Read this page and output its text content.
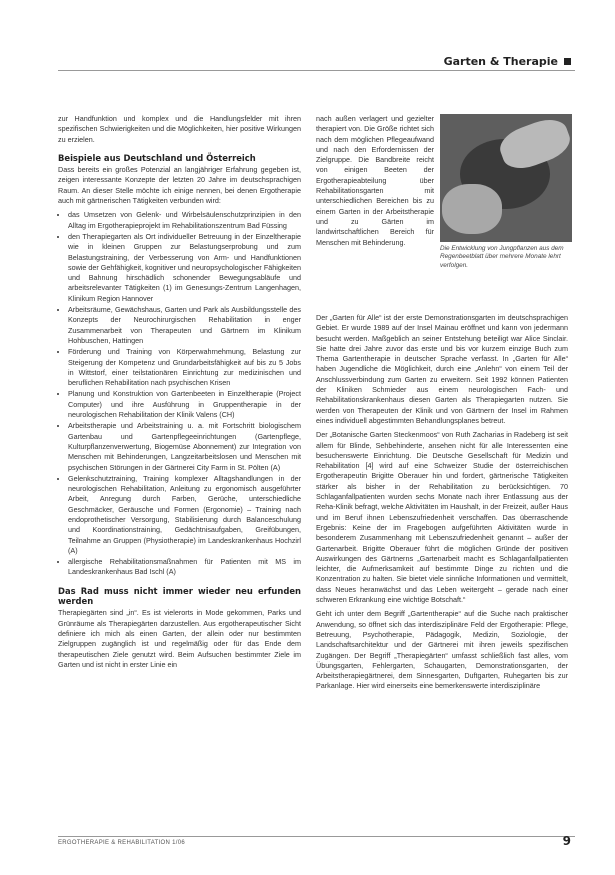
Garten & Therapie

zur Handfunktion und komplex und die Handlungsfelder mit ihren spezifischen Schwierigkeiten und die Möglichkeiten, hier positive Wirkungen zu erzielen.

Beispiele aus Deutschland und Österreich

Dass bereits ein großes Potenzial an langjähriger Erfahrung gegeben ist, zeigen interessante Konzepte der letzten 20 Jahre im deutschsprachigen Raum. An dieser Stelle möchte ich einige nennen, bei denen Ergotherapie auch mit gärtnerischen Tätigkeiten verbunden wird:

• das Umsetzen von Gelenk- und Wirbelsäulenschutzprinzipien in den Alltag im Ergotherapieprojekt im Rehabilitationszentrum Bad Füssing
• den Therapiegarten als Ort individueller Betreuung in der Einzeltherapie wie in kleinen Gruppen zur Belastungserprobung und zum Belastungstraining, der Verbesserung von Arm- und Handfunktionen sowie der Gehfähigkeit, kognitiver und neuropsychologischer Fähigkeiten und Bahnung hirschädlich schonender Bewegungsabläufe und arbeitsrelevanter Tätigkeiten (1) im Genesungs-Zentrum Langenhagen, Klinikum Region Hannover
• Arbeitsräume, Gewächshaus, Garten und Park als Ausbildungsstelle des Konzepts der Neurochirurgischen Rehabilitation in enger Zusammenarbeit von Therapeuten und Gärtnern im Klinikum Hohbuschen, Hattingen
• Förderung und Training von Körperwahrnehmung, Belastung zur Steigerung der Kompetenz und Grundarbeitsfähigkeit auf bis zu 5 Jobs in Wittstorf, einer teilstationären Einrichtung zur medizinischen und beruflichen Rehabilitation nach psychischen Krisen
• Planung und Konstruktion von Gartenbeeten in Einzeltherapie (Project Computer) und ihre Ausführung in Gruppentherapie in der neurologischen Rehabilitation der Klinik Valens (CH)
• Arbeitstherapie und Arbeitstraining u. a. mit Fortschritt biologischem Gartenbau und Gartenpflegeeinrichtungen (Gartenpflege, Kulturpflanzenverwertung, Biogemüse Abonnement) zur Integration von Menschen mit Behinderungen, Langzeitarbeitslosen und Menschen mit psychischen Störungen in der Gärtnerei City Farm in St. Pölten (A)
• Gelenkschutztraining, Training komplexer Alltagshandlungen in der neurologischen Rehabilitation, Anleitung zu ergonomisch ausgeführter Arbeit, Anregung durch Farben, Gerüche, unterschiedliche Geschmäcker, Geräusche und Formen (Ergonomie) – Training nach endoprothetischer Versorgung, Stabilisierung durch Balanceschulung und Koordinationstraining, Gedächtnisaufgaben, Greifübungen, Teilnahme an Gruppen (Physiotherapie) im Landeskrankenhaus Hochzirl (A)
• allergische Rehabilitationsmaßnahmen für Patienten mit MS im Landeskrankenhaus Bad Ischl (A)
Das Rad muss nicht immer wieder neu erfunden werden

Therapiegärten sind „in“. Es ist vielerorts in Mode gekommen, Parks und Grünräume als Therapiegärten darzustellen. Aus ergotherapeutischer Sicht definiere ich mich als einen Garten, der allein oder nur bestimmten Zielgruppen zugänglich ist und regelmäßig oder für das Ende dem therapeutischen Ziele genutzt wird. Beim Aufsuchen bestimmter Ziele im Garten und ist nicht in erster Linie ein

nach außen verlagert und gezielter therapiert von. Die Größe richtet sich nach dem möglichen Pflegeaufwand und nach den Erfordernissen der Zielgruppe. Die Bandbreite reicht von einigen Beeten der Ergotherapieabteilung über Rehabilitationsgarten mit unterschiedlichen Bereichen bis zu einem Garten in der Arbeitstherapie und zu Gärten im landwirtschaftlichen Bereich für Menschen mit Behinderung.

Die Entwicklung von Jungpflanzen aus dem Regenbeetblatt über mehrere Monate lehrt verfolgen.

Der „Garten für Alle“ ist der erste Demonstrationsgarten im deutschsprachigen Gebiet. Er wurde 1989 auf der Insel Mainau eröffnet und kann von jedermann besucht werden. Maßgeblich an seiner Entstehung beteiligt war Alice Sinclair. Sie hatte drei Jahre zuvor das erste und bis vor kurzem einzige Buch zum Thema Gartentherapie in deutscher Sprache verfasst. In „Garten für Alle“ haben Jugendliche die Möglichkeit, durch eine „Anlehn“ von einem Teil der Anschlussverbindung zum Garten zu erweitern. Seit 1992 können Patienten der Kliniken Schmieder aus einem neurologischen Fach- und Rehabilitationskrankenhaus diesen Garten als Therapiegarten nutzen. Sie werden von Therapeuten der Klinik und von Gärtnern der Insel im Rahmen eines individuell abgestimmten Behandlungsplanes betreut.

Der „Botanische Garten Steckenmoos“ von Ruth Zacharias in Radeberg ist seit allem für Blinde, Sehbehinderte, ansehen nicht für alle Interessenten eine besuchenswerte Einrichtung. Die Deutsche Gesellschaft für Medizin und Rehabilitation [4] wird auf eine Schweizer Studie der österreichischen Ergotherapeutin Brigitte Oberauer hin und fordert, gärtnerische Tätigkeiten stärker als bisher in der Rehabilitation zu berücksichtigen. 70 Schlaganfallpatienten wurden sechs Monate nach ihrer Entlassung aus der Reha-Klinik befragt, welche Aktivitäten im Haushalt, in der Freizeit, außer Haus und im Beruf ihnen Lebenszufriedenheit verschaffen. Das überraschende Ergebnis: Keine der im Fragebogen aufgeführten Aktivitäten wurde in besonderem Zusammenhang mit Lebenszufriedenheit genannt – außer der Gartenarbeit. Brigitte Oberauer führt die möglichen Gründe der positiven Auswirkungen des Gärtnerns „Gartenarbeit macht es Schlaganfallpatienten leichter, die Aufmerksamkeit auf bestimmte Dinge zu richten und die Konzentration zu halten. Sie bietet viele sinnliche Informationen und vermittelt, dass Neues heranwächst und das Leben weitergeht – gerade nach einer schweren Erkrankung eine wichtige Botschaft.“

Geht ich unter dem Begriff „Gartentherapie“ auf die Suche nach praktischer Anwendung, so öffnet sich das interdisziplinäre Feld der Ergotherapie: Pflege, Betreuung, Psychotherapie, Pädagogik, Medizin, Soziologie, der Landschaftsarchitektur und der Gärtnerei mit ihren jeweils spezifischen Zugängen. Der Begriff „Therapiegärten“ umfasst schließlich fast alles, vom Übungsgarten, Fehlergarten, Schaugarten, Demonstrationsgarten, der Arbeitstherapiegärtnerei, dem Sinnesgarten, Duftgarten, Ruhegarten bis zur Parkanlage. Hier wird einerseits eine bemerkenswerte interdisziplinäre

ERGOTHERAPIE & REHABILITATION 1/06	9
